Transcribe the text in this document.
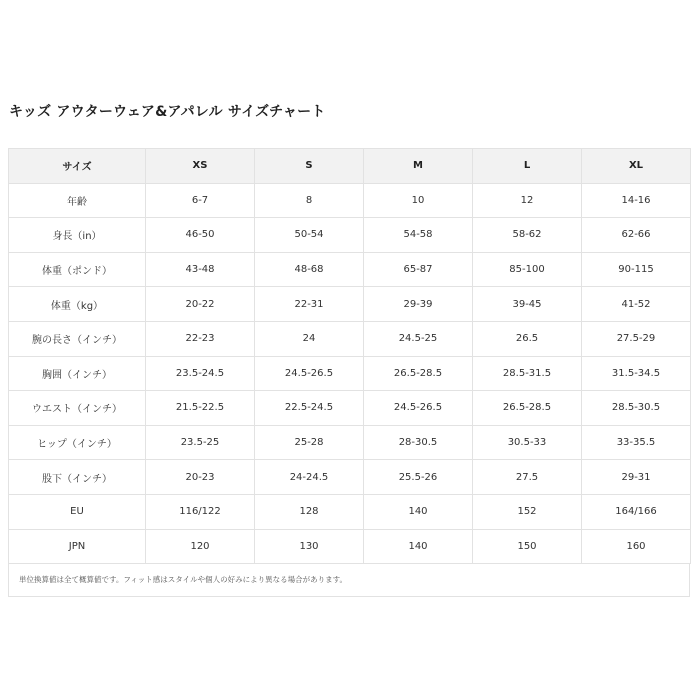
キッズ アウターウェア&アパレル サイズチャート
サイズ	XS	S	M	L	XL
年齢	6-7	8	10	12	14-16
身長（in）	46-50	50-54	54-58	58-62	62-66
体重（ポンド）	43-48	48-68	65-87	85-100	90-115
体重（kg）	20-22	22-31	29-39	39-45	41-52
腕の長さ（インチ）	22-23	24	24.5-25	26.5	27.5-29
胸囲（インチ）	23.5-24.5	24.5-26.5	26.5-28.5	28.5-31.5	31.5-34.5
ウエスト（インチ）	21.5-22.5	22.5-24.5	24.5-26.5	26.5-28.5	28.5-30.5
ヒップ（インチ）	23.5-25	25-28	28-30.5	30.5-33	33-35.5
股下（インチ）	20-23	24-24.5	25.5-26	27.5	29-31
EU	116/122	128	140	152	164/166
JPN	120	130	140	150	160
単位換算値は全て概算値です。フィット感はスタイルや個人の好みにより異なる場合があります。
